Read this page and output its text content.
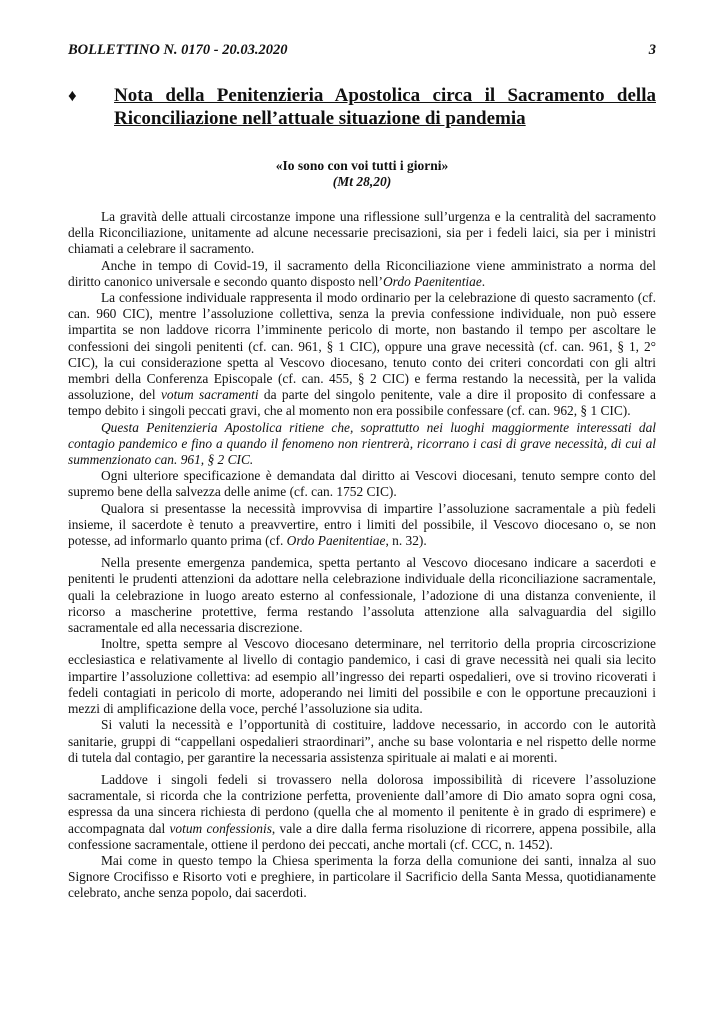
BOLLETTINO N. 0170 - 20.03.2020	3
♦	Nota della Penitenzieria Apostolica circa il Sacramento della
Riconciliazione nell’attuale situazione di pandemia
«Io sono con voi tutti i giorni»
(Mt 28,20)

La gravità delle attuali circostanze impone una riflessione sull’urgenza e la centralità del sacramento della Riconciliazione, unitamente ad alcune necessarie precisazioni, sia per i fedeli laici, sia per i ministri chiamati a celebrare il sacramento.

Anche in tempo di Covid-19, il sacramento della Riconciliazione viene amministrato a norma del diritto canonico universale e secondo quanto disposto nell’Ordo Paenitentiae.

La confessione individuale rappresenta il modo ordinario per la celebrazione di questo sacramento (cf. can. 960 CIC), mentre l’assoluzione collettiva, senza la previa confessione individuale, non può essere impartita se non laddove ricorra l’imminente pericolo di morte, non bastando il tempo per ascoltare le confessioni dei singoli penitenti (cf. can. 961, § 1 CIC), oppure una grave necessità (cf. can. 961, § 1, 2° CIC), la cui considerazione spetta al Vescovo diocesano, tenuto conto dei criteri concordati con gli altri membri della Conferenza Episcopale (cf. can. 455, § 2 CIC) e ferma restando la necessità, per la valida assoluzione, del votum sacramenti da parte del singolo penitente, vale a dire il proposito di confessare a tempo debito i singoli peccati gravi, che al momento non era possibile confessare (cf. can. 962, § 1 CIC).

Questa Penitenzieria Apostolica ritiene che, soprattutto nei luoghi maggiormente interessati dal contagio pandemico e fino a quando il fenomeno non rientrerà, ricorrano i casi di grave necessità, di cui al summenzionato can. 961, § 2 CIC.

Ogni ulteriore specificazione è demandata dal diritto ai Vescovi diocesani, tenuto sempre conto del supremo bene della salvezza delle anime (cf. can. 1752 CIC).

Qualora si presentasse la necessità improvvisa di impartire l’assoluzione sacramentale a più fedeli insieme, il sacerdote è tenuto a preavvertire, entro i limiti del possibile, il Vescovo diocesano o, se non potesse, ad informarlo quanto prima (cf. Ordo Paenitentiae, n. 32).

Nella presente emergenza pandemica, spetta pertanto al Vescovo diocesano indicare a sacerdoti e penitenti le prudenti attenzioni da adottare nella celebrazione individuale della riconciliazione sacramentale, quali la celebrazione in luogo areato esterno al confessionale, l’adozione di una distanza conveniente, il ricorso a mascherine protettive, ferma restando l’assoluta attenzione alla salvaguardia del sigillo sacramentale ed alla necessaria discrezione.

Inoltre, spetta sempre al Vescovo diocesano determinare, nel territorio della propria circoscrizione ecclesiastica e relativamente al livello di contagio pandemico, i casi di grave necessità nei quali sia lecito impartire l’assoluzione collettiva: ad esempio all’ingresso dei reparti ospedalieri, ove si trovino ricoverati i fedeli contagiati in pericolo di morte, adoperando nei limiti del possibile e con le opportune precauzioni i mezzi di amplificazione della voce, perché l’assoluzione sia udita.

Si valuti la necessità e l’opportunità di costituire, laddove necessario, in accordo con le autorità sanitarie, gruppi di “cappellani ospedalieri straordinari”, anche su base volontaria e nel rispetto delle norme di tutela dal contagio, per garantire la necessaria assistenza spirituale ai malati e ai morenti.

Laddove i singoli fedeli si trovassero nella dolorosa impossibilità di ricevere l’assoluzione sacramentale, si ricorda che la contrizione perfetta, proveniente dall’amore di Dio amato sopra ogni cosa, espressa da una sincera richiesta di perdono (quella che al momento il penitente è in grado di esprimere) e accompagnata dal votum confessionis, vale a dire dalla ferma risoluzione di ricorrere, appena possibile, alla confessione sacramentale, ottiene il perdono dei peccati, anche mortali (cf. CCC, n. 1452).

Mai come in questo tempo la Chiesa sperimenta la forza della comunione dei santi, innalza al suo Signore Crocifisso e Risorto voti e preghiere, in particolare il Sacrificio della Santa Messa, quotidianamente celebrato, anche senza popolo, dai sacerdoti.
